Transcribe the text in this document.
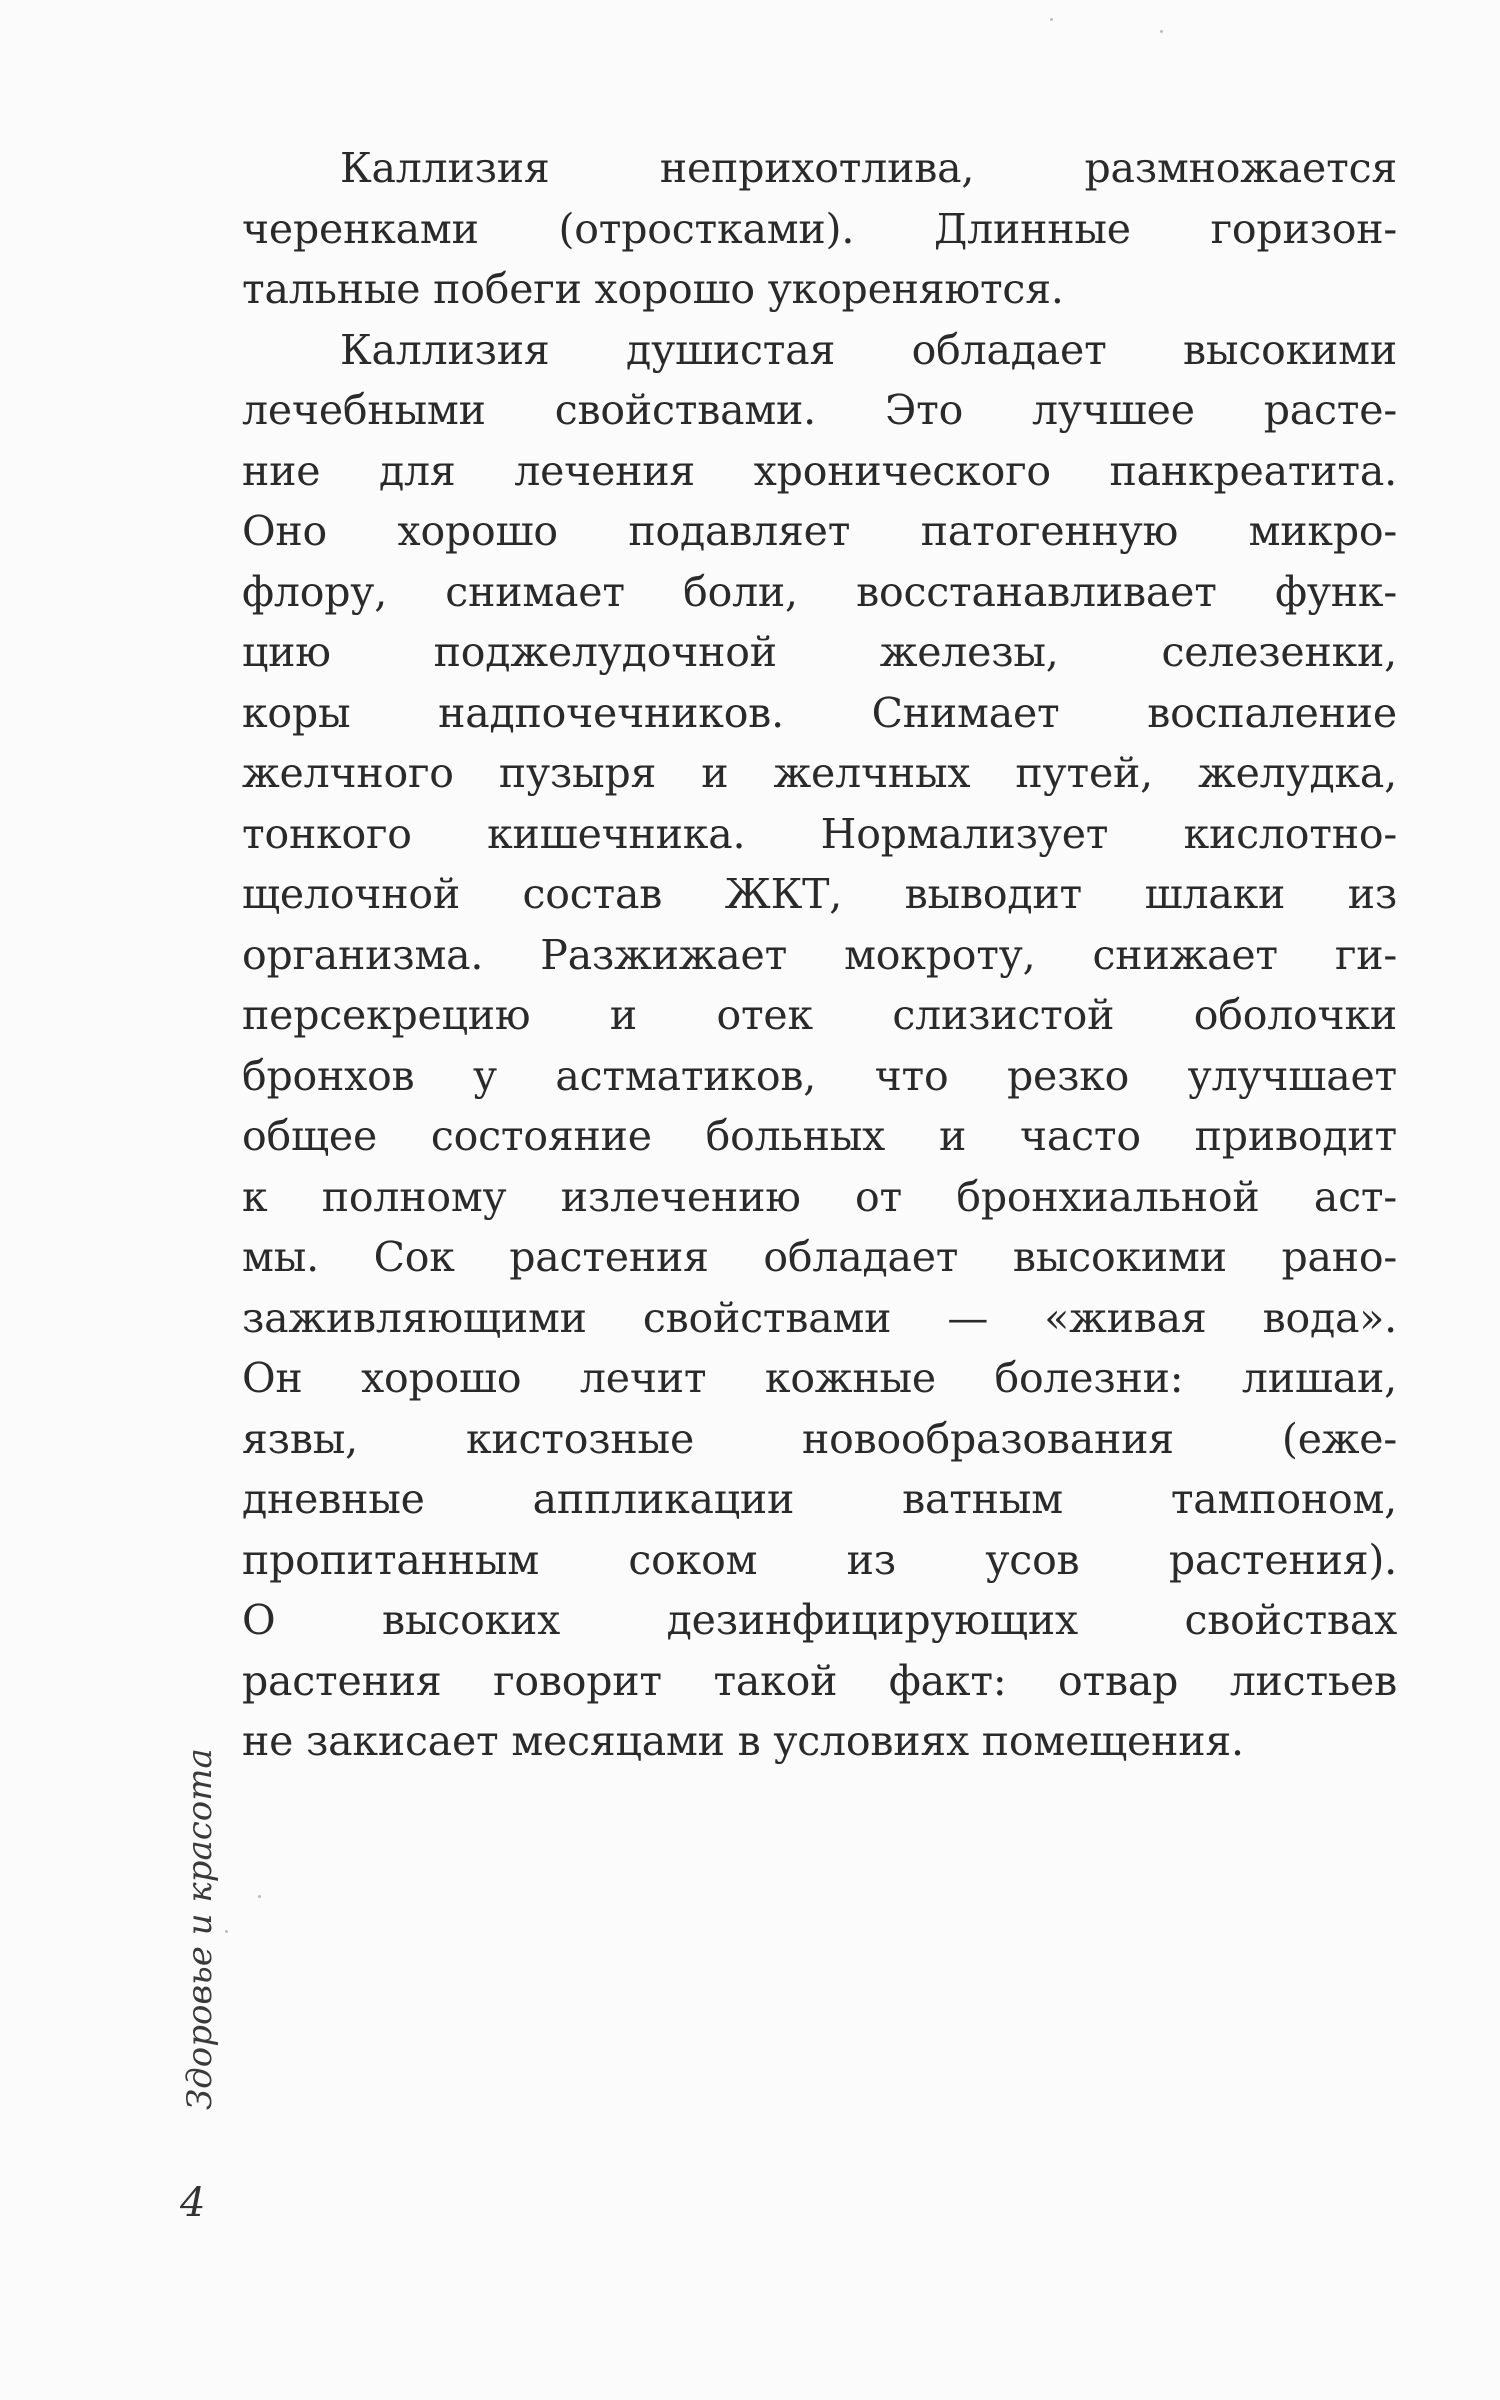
Каллизия неприхотлива, размножается
черенками (отростками). Длинные горизон-
тальные побеги хорошо укореняются.
Каллизия душистая обладает высокими
лечебными свойствами. Это лучшее расте-
ние для лечения хронического панкреатита.
Оно хорошо подавляет патогенную микро-
флору, снимает боли, восстанавливает функ-
цию поджелудочной железы, селезенки,
коры надпочечников. Снимает воспаление
желчного пузыря и желчных путей, желудка,
тонкого кишечника. Нормализует кислотно-
щелочной состав ЖКТ, выводит шлаки из
организма. Разжижает мокроту, снижает ги-
персекрецию и отек слизистой оболочки
бронхов у астматиков, что резко улучшает
общее состояние больных и часто приводит
к полному излечению от бронхиальной аст-
мы. Сок растения обладает высокими рано-
заживляющими свойствами — «живая вода».
Он хорошо лечит кожные болезни: лишаи,
язвы, кистозные новообразования (еже-
дневные аппликации ватным тампоном,
пропитанным соком из усов растения).
О высоких дезинфицирующих свойствах
растения говорит такой факт: отвар листьев
не закисает месяцами в условиях помещения.
Здоровье и красота
4
